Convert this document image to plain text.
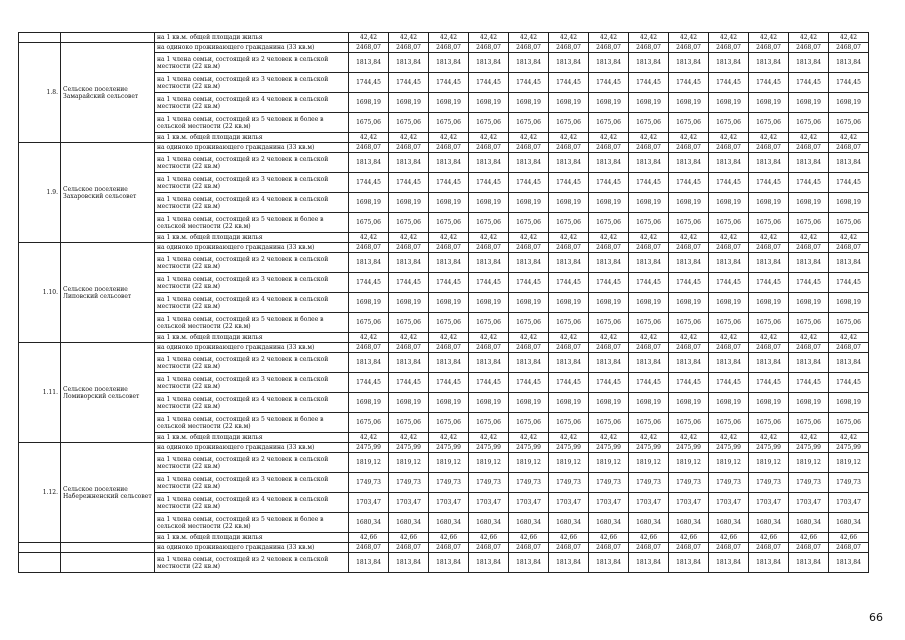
		на 1 кв.м. общей площади жилья	42,42	42,42	42,42	42,42	42,42	42,42	42,42	42,42	42,42	42,42	42,42	42,42	42,42
1.8.	Сельское поселение Замарайский сельсовет	на одиноко проживающего гражданина (33 кв.м)	2468,07	2468,07	2468,07	2468,07	2468,07	2468,07	2468,07	2468,07	2468,07	2468,07	2468,07	2468,07	2468,07
		на 1 члена семьи, состоящей из 2 человек в сельской местности (22 кв.м)	1813,84	1813,84	1813,84	1813,84	1813,84	1813,84	1813,84	1813,84	1813,84	1813,84	1813,84	1813,84	1813,84
		на 1 члена семьи, состоящей из 3 человек в сельской местности (22 кв.м)	1744,45	1744,45	1744,45	1744,45	1744,45	1744,45	1744,45	1744,45	1744,45	1744,45	1744,45	1744,45	1744,45
		на 1 члена семьи, состоящей из 4 человек в сельской местности (22 кв.м)	1698,19	1698,19	1698,19	1698,19	1698,19	1698,19	1698,19	1698,19	1698,19	1698,19	1698,19	1698,19	1698,19
		на 1 члена семьи, состоящей из 5 человек и более в сельской местности (22 кв.м)	1675,06	1675,06	1675,06	1675,06	1675,06	1675,06	1675,06	1675,06	1675,06	1675,06	1675,06	1675,06	1675,06
		на 1 кв.м. общей площади жилья	42,42	42,42	42,42	42,42	42,42	42,42	42,42	42,42	42,42	42,42	42,42	42,42	42,42
1.9.	Сельское поселение Захаровский сельсовет	на одиноко проживающего гражданина (33 кв.м)	2468,07	2468,07	2468,07	2468,07	2468,07	2468,07	2468,07	2468,07	2468,07	2468,07	2468,07	2468,07	2468,07
		на 1 члена семьи, состоящей из 2 человек в сельской местности (22 кв.м)	1813,84	1813,84	1813,84	1813,84	1813,84	1813,84	1813,84	1813,84	1813,84	1813,84	1813,84	1813,84	1813,84
		на 1 члена семьи, состоящей из 3 человек в сельской местности (22 кв.м)	1744,45	1744,45	1744,45	1744,45	1744,45	1744,45	1744,45	1744,45	1744,45	1744,45	1744,45	1744,45	1744,45
		на 1 члена семьи, состоящей из 4 человек в сельской местности (22 кв.м)	1698,19	1698,19	1698,19	1698,19	1698,19	1698,19	1698,19	1698,19	1698,19	1698,19	1698,19	1698,19	1698,19
		на 1 члена семьи, состоящей из 5 человек и более в сельской местности (22 кв.м)	1675,06	1675,06	1675,06	1675,06	1675,06	1675,06	1675,06	1675,06	1675,06	1675,06	1675,06	1675,06	1675,06
		на 1 кв.м. общей площади жилья	42,42	42,42	42,42	42,42	42,42	42,42	42,42	42,42	42,42	42,42	42,42	42,42	42,42
1.10.	Сельское поселение Липовский сельсовет	на одиноко проживающего гражданина (33 кв.м)	2468,07	2468,07	2468,07	2468,07	2468,07	2468,07	2468,07	2468,07	2468,07	2468,07	2468,07	2468,07	2468,07
		на 1 члена семьи, состоящей из 2 человек в сельской местности (22 кв.м)	1813,84	1813,84	1813,84	1813,84	1813,84	1813,84	1813,84	1813,84	1813,84	1813,84	1813,84	1813,84	1813,84
		на 1 члена семьи, состоящей из 3 человек в сельской местности (22 кв.м)	1744,45	1744,45	1744,45	1744,45	1744,45	1744,45	1744,45	1744,45	1744,45	1744,45	1744,45	1744,45	1744,45
		на 1 члена семьи, состоящей из 4 человек в сельской местности (22 кв.м)	1698,19	1698,19	1698,19	1698,19	1698,19	1698,19	1698,19	1698,19	1698,19	1698,19	1698,19	1698,19	1698,19
		на 1 члена семьи, состоящей из 5 человек и более в сельской местности (22 кв.м)	1675,06	1675,06	1675,06	1675,06	1675,06	1675,06	1675,06	1675,06	1675,06	1675,06	1675,06	1675,06	1675,06
		на 1 кв.м. общей площади жилья	42,42	42,42	42,42	42,42	42,42	42,42	42,42	42,42	42,42	42,42	42,42	42,42	42,42
1.11.	Сельское поселение Ломиворский сельсовет	на одиноко проживающего гражданина (33 кв.м)	2468,07	2468,07	2468,07	2468,07	2468,07	2468,07	2468,07	2468,07	2468,07	2468,07	2468,07	2468,07	2468,07
		на 1 члена семьи, состоящей из 2 человек в сельской местности (22 кв.м)	1813,84	1813,84	1813,84	1813,84	1813,84	1813,84	1813,84	1813,84	1813,84	1813,84	1813,84	1813,84	1813,84
		на 1 члена семьи, состоящей из 3 человек в сельской местности (22 кв.м)	1744,45	1744,45	1744,45	1744,45	1744,45	1744,45	1744,45	1744,45	1744,45	1744,45	1744,45	1744,45	1744,45
		на 1 члена семьи, состоящей из 4 человек в сельской местности (22 кв.м)	1698,19	1698,19	1698,19	1698,19	1698,19	1698,19	1698,19	1698,19	1698,19	1698,19	1698,19	1698,19	1698,19
		на 1 члена семьи, состоящей из 5 человек и более в сельской местности (22 кв.м)	1675,06	1675,06	1675,06	1675,06	1675,06	1675,06	1675,06	1675,06	1675,06	1675,06	1675,06	1675,06	1675,06
		на 1 кв.м. общей площади жилья	42,42	42,42	42,42	42,42	42,42	42,42	42,42	42,42	42,42	42,42	42,42	42,42	42,42
1.12.	Сельское поселение Набережненский сельсовет	на одиноко проживающего гражданина (33 кв.м)	2475,99	2475,99	2475,99	2475,99	2475,99	2475,99	2475,99	2475,99	2475,99	2475,99	2475,99	2475,99	2475,99
		на 1 члена семьи, состоящей из 2 человек в сельской местности (22 кв.м)	1819,12	1819,12	1819,12	1819,12	1819,12	1819,12	1819,12	1819,12	1819,12	1819,12	1819,12	1819,12	1819,12
		на 1 члена семьи, состоящей из 3 человек в сельской местности (22 кв.м)	1749,73	1749,73	1749,73	1749,73	1749,73	1749,73	1749,73	1749,73	1749,73	1749,73	1749,73	1749,73	1749,73
		на 1 члена семьи, состоящей из 4 человек в сельской местности (22 кв.м)	1703,47	1703,47	1703,47	1703,47	1703,47	1703,47	1703,47	1703,47	1703,47	1703,47	1703,47	1703,47	1703,47
		на 1 члена семьи, состоящей из 5 человек и более в сельской местности (22 кв.м)	1680,34	1680,34	1680,34	1680,34	1680,34	1680,34	1680,34	1680,34	1680,34	1680,34	1680,34	1680,34	1680,34
		на 1 кв.м. общей площади жилья	42,66	42,66	42,66	42,66	42,66	42,66	42,66	42,66	42,66	42,66	42,66	42,66	42,66
		на одиноко проживающего гражданина (33 кв.м)	2468,07	2468,07	2468,07	2468,07	2468,07	2468,07	2468,07	2468,07	2468,07	2468,07	2468,07	2468,07	2468,07
		на 1 члена семьи, состоящей из 2 человек в сельской местности (22 кв.м)	1813,84	1813,84	1813,84	1813,84	1813,84	1813,84	1813,84	1813,84	1813,84	1813,84	1813,84	1813,84	1813,84
66
